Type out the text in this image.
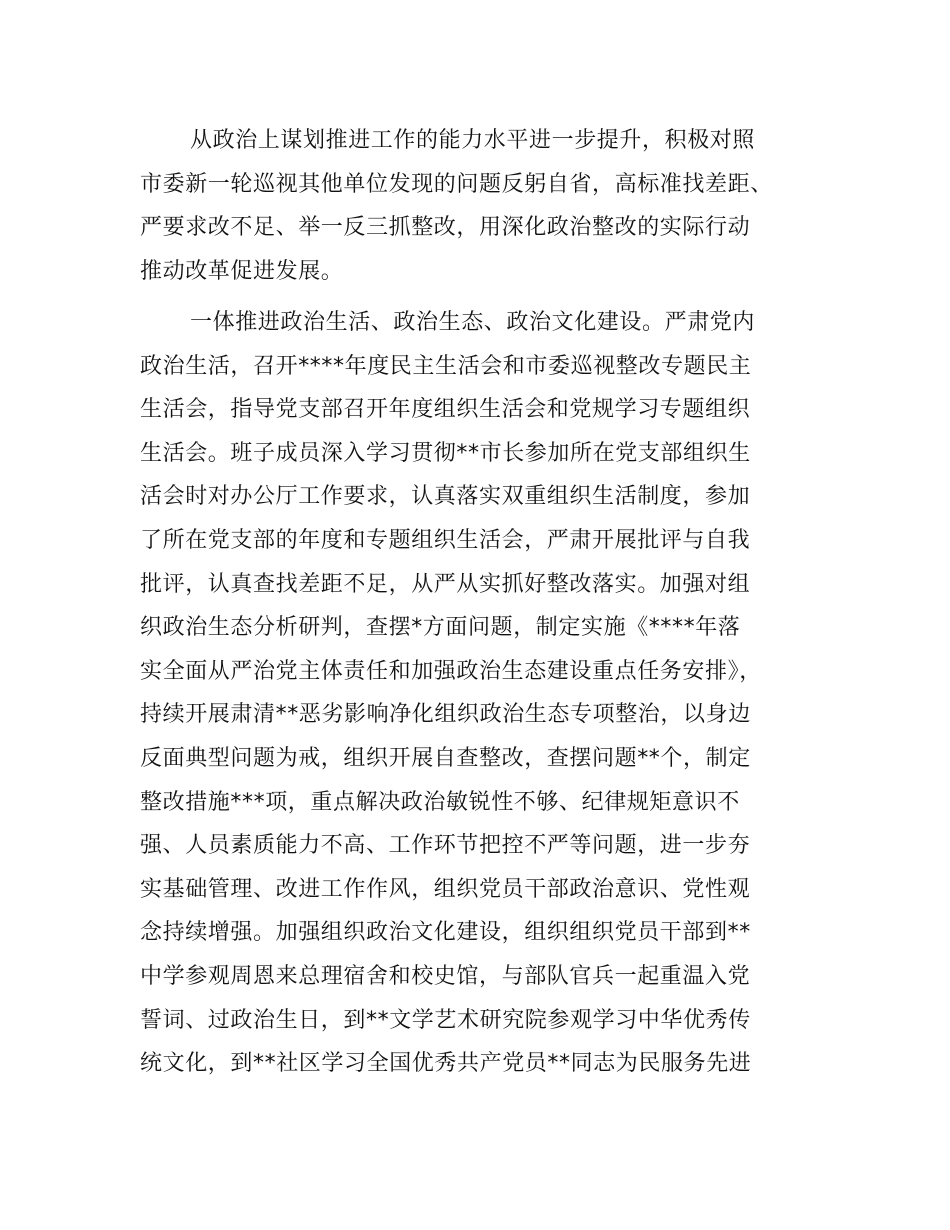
从政治上谋划推进工作的能力水平进一步提升，积极对照
市委新一轮巡视其他单位发现的问题反躬自省，高标准找差距、
严要求改不足、举一反三抓整改，用深化政治整改的实际行动
推动改革促进发展。
一体推进政治生活、政治生态、政治文化建设。严肃党内
政治生活，召开****年度民主生活会和市委巡视整改专题民主
生活会，指导党支部召开年度组织生活会和党规学习专题组织
生活会。班子成员深入学习贯彻**市长参加所在党支部组织生
活会时对办公厅工作要求，认真落实双重组织生活制度，参加
了所在党支部的年度和专题组织生活会，严肃开展批评与自我
批评，认真查找差距不足，从严从实抓好整改落实。加强对组
织政治生态分析研判，查摆*方面问题，制定实施《****年落
实全面从严治党主体责任和加强政治生态建设重点任务安排》，
持续开展肃清**恶劣影响净化组织政治生态专项整治，以身边
反面典型问题为戒，组织开展自查整改，查摆问题**个，制定
整改措施***项，重点解决政治敏锐性不够、纪律规矩意识不
强、人员素质能力不高、工作环节把控不严等问题，进一步夯
实基础管理、改进工作作风，组织党员干部政治意识、党性观
念持续增强。加强组织政治文化建设，组织组织党员干部到**
中学参观周恩来总理宿舍和校史馆，与部队官兵一起重温入党
誓词、过政治生日，到**文学艺术研究院参观学习中华优秀传
统文化，到**社区学习全国优秀共产党员**同志为民服务先进
